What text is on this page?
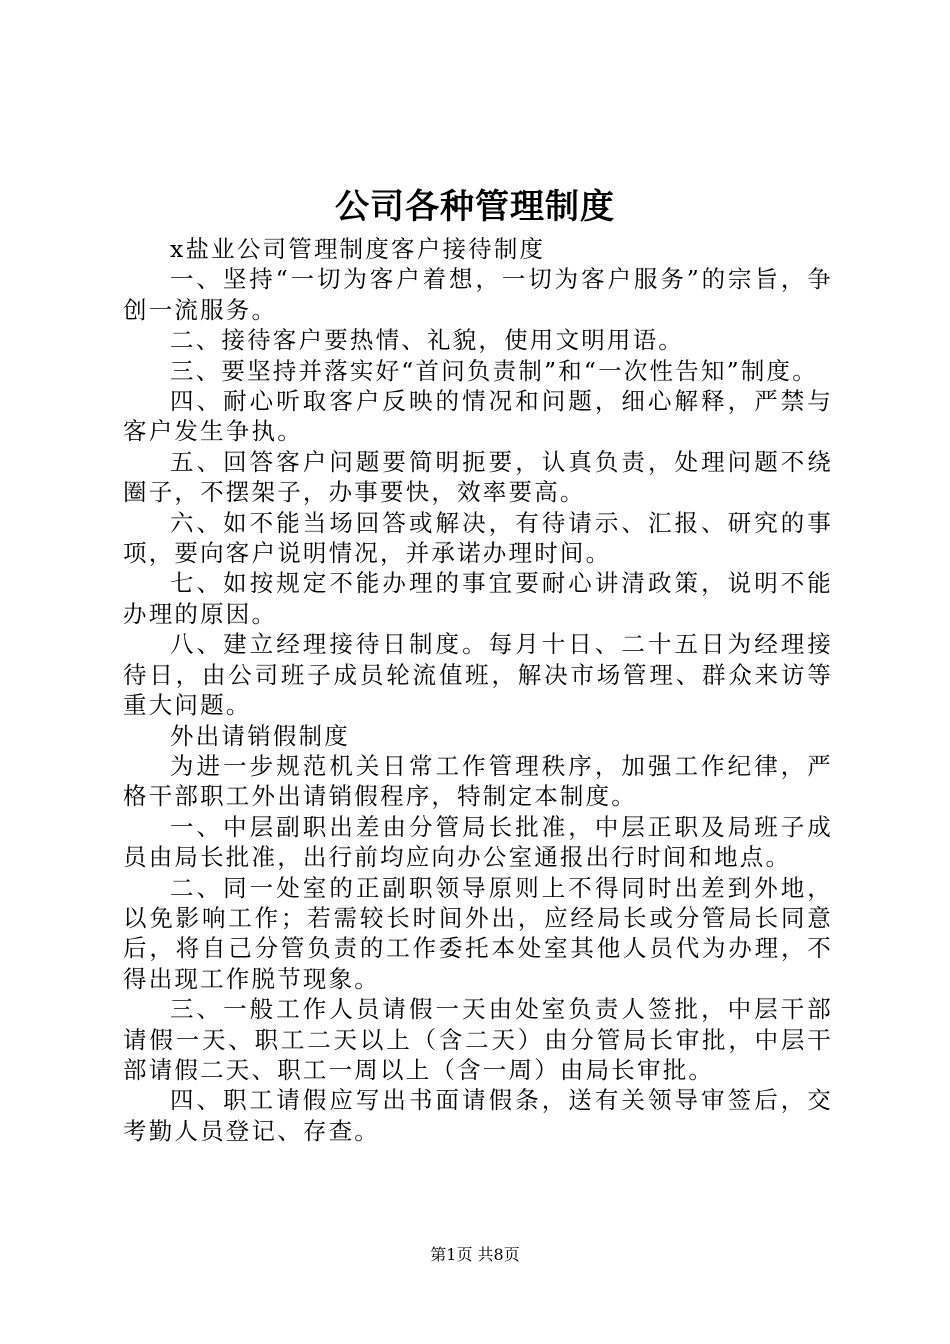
公司各种管理制度

x盐业公司管理制度客户接待制度

一、坚持“一切为客户着想，一切为客户服务”的宗旨，争创一流服务。

二、接待客户要热情、礼貌，使用文明用语。

三、要坚持并落实好“首问负责制”和“一次性告知”制度。

四、耐心听取客户反映的情况和问题，细心解释，严禁与客户发生争执。

五、回答客户问题要简明扼要，认真负责，处理问题不绕圈子，不摆架子，办事要快，效率要高。

六、如不能当场回答或解决，有待请示、汇报、研究的事项，要向客户说明情况，并承诺办理时间。

七、如按规定不能办理的事宜要耐心讲清政策，说明不能办理的原因。

八、建立经理接待日制度。每月十日、二十五日为经理接待日，由公司班子成员轮流值班，解决市场管理、群众来访等重大问题。

外出请销假制度

为进一步规范机关日常工作管理秩序，加强工作纪律，严格干部职工外出请销假程序，特制定本制度。

一、中层副职出差由分管局长批准，中层正职及局班子成员由局长批准，出行前均应向办公室通报出行时间和地点。

二、同一处室的正副职领导原则上不得同时出差到外地，以免影响工作；若需较长时间外出，应经局长或分管局长同意后，将自己分管负责的工作委托本处室其他人员代为办理，不得出现工作脱节现象。

三、一般工作人员请假一天由处室负责人签批，中层干部请假一天、职工二天以上（含二天）由分管局长审批，中层干部请假二天、职工一周以上（含一周）由局长审批。

四、职工请假应写出书面请假条，送有关领导审签后，交考勤人员登记、存查。

第1页 共8页
